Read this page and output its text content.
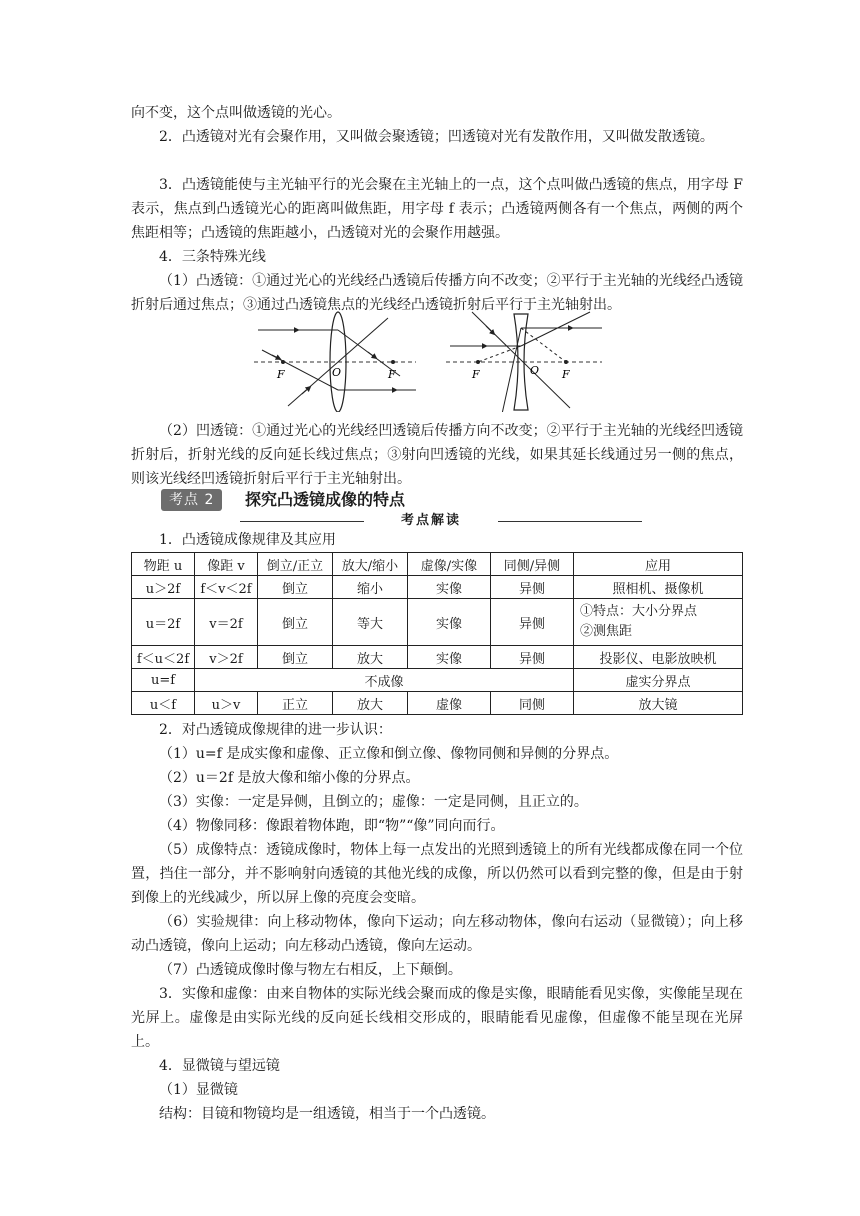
向不变，这个点叫做透镜的光心。

2．凸透镜对光有会聚作用，又叫做会聚透镜；凹透镜对光有发散作用，又叫做发散透镜。

3．凸透镜能使与主光轴平行的光会聚在主光轴上的一点，这个点叫做凸透镜的焦点，用字母 F 表示，焦点到凸透镜光心的距离叫做焦距，用字母 f 表示；凸透镜两侧各有一个焦点，两侧的两个焦距相等；凸透镜的焦距越小，凸透镜对光的会聚作用越强。

4．三条特殊光线

（1）凸透镜：①通过光心的光线经凸透镜后传播方向不改变；②平行于主光轴的光线经凸透镜折射后通过焦点；③通过凸透镜焦点的光线经凸透镜折射后平行于主光轴射出。

F	O	F	F	O F

（2）凹透镜：①通过光心的光线经凹透镜后传播方向不改变；②平行于主光轴的光线经凹透镜折射后，折射光线的反向延长线过焦点；③射向凹透镜的光线，如果其延长线通过另一侧的焦点，则该光线经凹透镜折射后平行于主光轴射出。

考点 2	探究凸透镜成像的特点
考点解读

1．凸透镜成像规律及其应用

物距 u	像距 v	倒立/正立	放大/缩小	虚像/实像	同侧/异侧	应用
u＞2f	f＜v＜2f	倒立	缩小	实像	异侧	照相机、摄像机
u＝2f	v＝2f	倒立	等大	实像	异侧	①特点：大小分界点
②测焦距

f＜u＜2f	v＞2f	倒立	放大	实像	异侧	投影仪、电影放映机
u=f	不成像					虚实分界点
u＜f	u＞v	正立	放大	虚像	同侧	放大镜

2．对凸透镜成像规律的进一步认识：

（1）u=f 是成实像和虚像、正立像和倒立像、像物同侧和异侧的分界点。

（2）u＝2f 是放大像和缩小像的分界点。

（3）实像：一定是异侧，且倒立的；虚像：一定是同侧，且正立的。

（4）物像同移：像跟着物体跑，即“物”“像”同向而行。

（5）成像特点：透镜成像时，物体上每一点发出的光照到透镜上的所有光线都成像在同一个位置，挡住一部分，并不影响射向透镜的其他光线的成像，所以仍然可以看到完整的像，但是由于射到像上的光线减少，所以屏上像的亮度会变暗。

（6）实验规律：向上移动物体，像向下运动；向左移动物体，像向右运动（显微镜）；向上移动凸透镜，像向上运动；向左移动凸透镜，像向左运动。

（7）凸透镜成像时像与物左右相反，上下颠倒。

3．实像和虚像：由来自物体的实际光线会聚而成的像是实像，眼睛能看见实像，实像能呈现在光屏上。虚像是由实际光线的反向延长线相交形成的，眼睛能看见虚像，但虚像不能呈现在光屏上。

4．显微镜与望远镜

（1）显微镜

结构：目镜和物镜均是一组透镜，相当于一个凸透镜。
